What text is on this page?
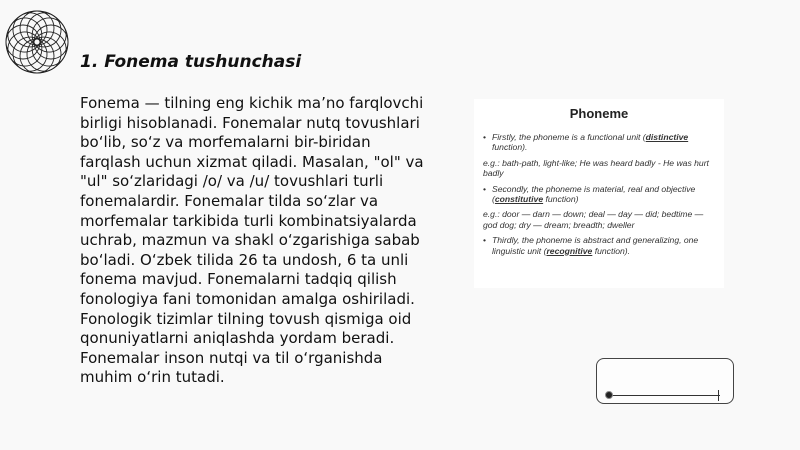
1. Fonema tushunchasi
Fonema — tilning eng kichik ma’no farqlovchi birligi hisoblanadi. Fonemalar nutq tovushlari bo‘lib, so‘z va morfemalarni bir-biridan farqlash uchun xizmat qiladi. Masalan, "ol" va "ul" so‘zlaridagi /o/ va /u/ tovushlari turli fonemalardir. Fonemalar tilda so‘zlar va morfemalar tarkibida turli kombinatsiyalarda uchrab, mazmun va shakl o‘zgarishiga sabab bo‘ladi. O‘zbek tilida 26 ta undosh, 6 ta unli fonema mavjud. Fonemalarni tadqiq qilish fonologiya fani tomonidan amalga oshiriladi. Fonologik tizimlar tilning tovush qismiga oid qonuniyatlarni aniqlashda yordam beradi. Fonemalar inson nutqi va til o‘rganishda muhim o‘rin tutadi.
Phoneme
• Firstly, the phoneme is a functional unit (distinctive function).
e.g.: bath-path, light-like; He was heard badly - He was hurt badly
• Secondly, the phoneme is material, real and objective (constitutive function)
e.g.: door — darn — down; deal — day — did; bedtime — god dog; dry — dream; breadth; dweller
• Thirdly, the phoneme is abstract and generalizing, one linguistic unit (recognitive function).
